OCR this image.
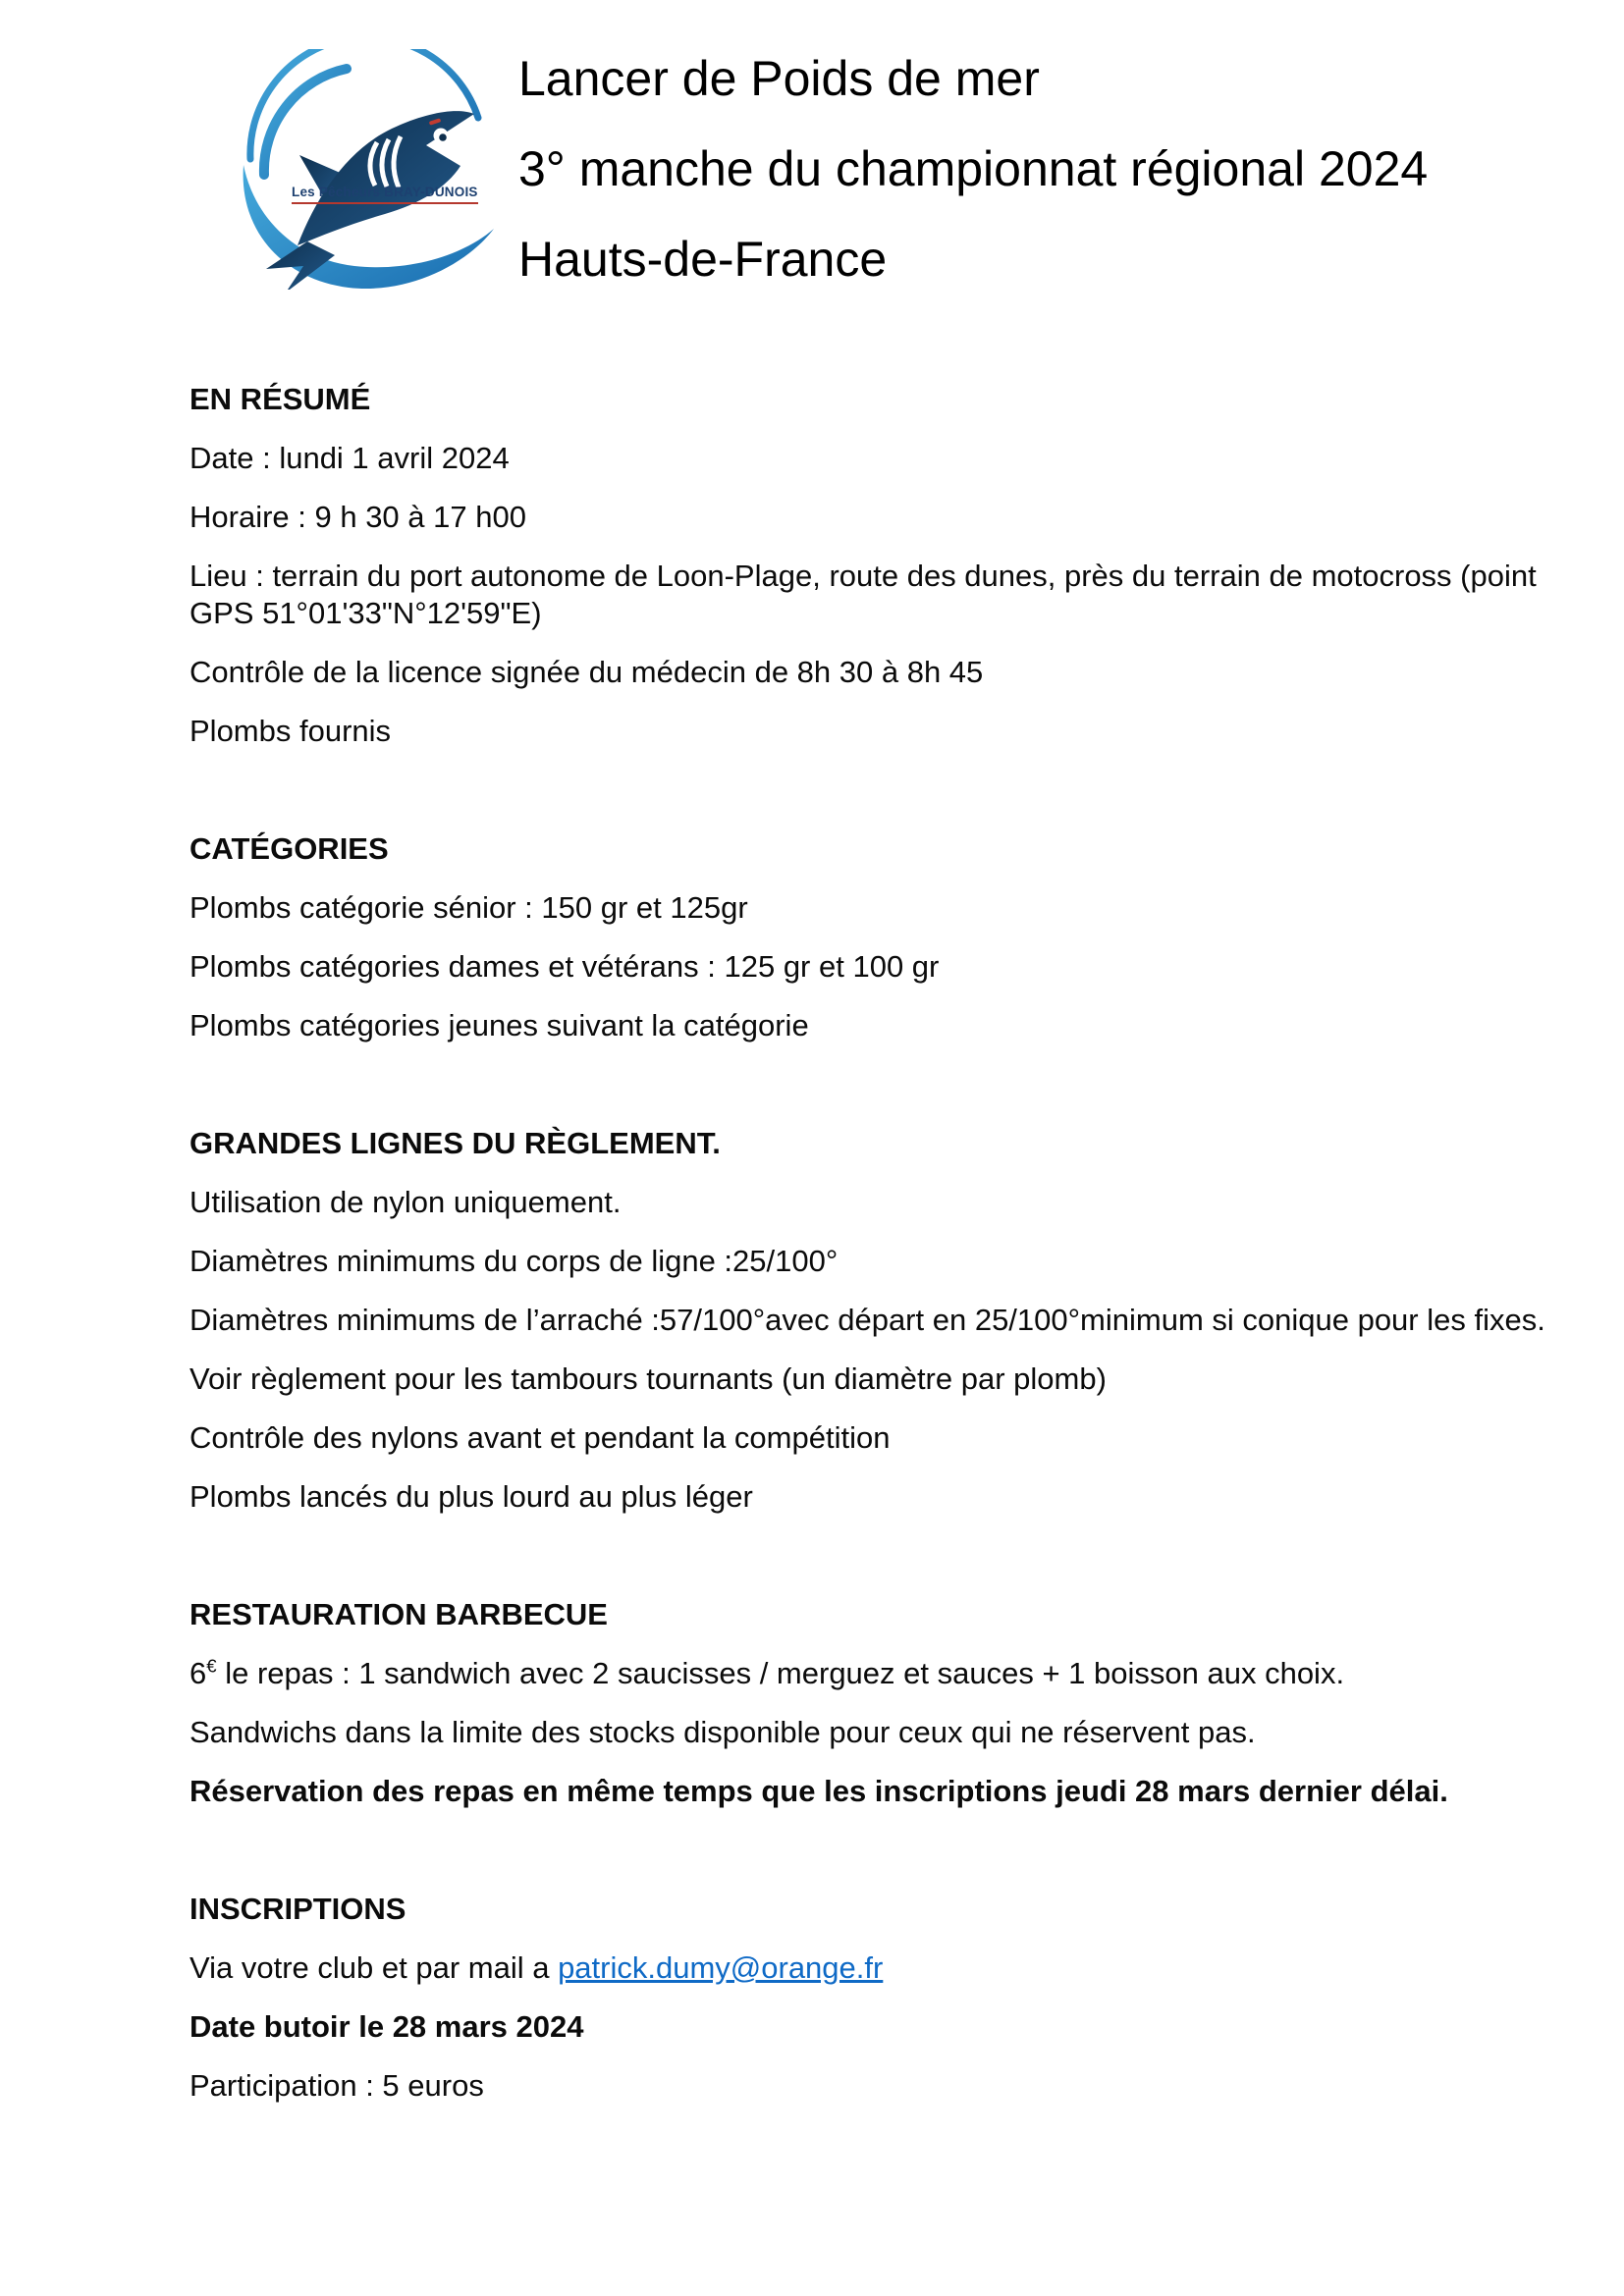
Les Pêcheurs BRAY-DUNOIS

Lancer de Poids de mer

3° manche du championnat régional 2024

Hauts-de-France

EN RÉSUMÉ

Date : lundi 1 avril 2024

Horaire : 9 h 30 à 17 h00

Lieu : terrain du port autonome de Loon-Plage, route des dunes, près du terrain de motocross (point
GPS 51°01'33"N°12'59"E)

Contrôle de la licence signée du médecin de 8h 30 à 8h 45

Plombs fournis

CATÉGORIES

Plombs catégorie sénior : 150 gr et 125gr

Plombs catégories dames et vétérans : 125 gr et 100 gr

Plombs catégories jeunes suivant la catégorie

GRANDES LIGNES DU RÈGLEMENT.

Utilisation de nylon uniquement.

Diamètres minimums du corps de ligne :25/100°

Diamètres minimums de l’arraché :57/100°avec départ en 25/100°minimum si conique pour les fixes.

Voir règlement pour les tambours tournants (un diamètre par plomb)

Contrôle des nylons avant et pendant la compétition

Plombs lancés du plus lourd au plus léger

RESTAURATION BARBECUE

6€ le repas : 1 sandwich avec 2 saucisses / merguez et sauces + 1 boisson aux choix.

Sandwichs dans la limite des stocks disponible pour ceux qui ne réservent pas.

Réservation des repas en même temps que les inscriptions jeudi 28 mars dernier délai.

INSCRIPTIONS

Via votre club et par mail a patrick.dumy@orange.fr

Date butoir le 28 mars 2024

Participation : 5 euros
